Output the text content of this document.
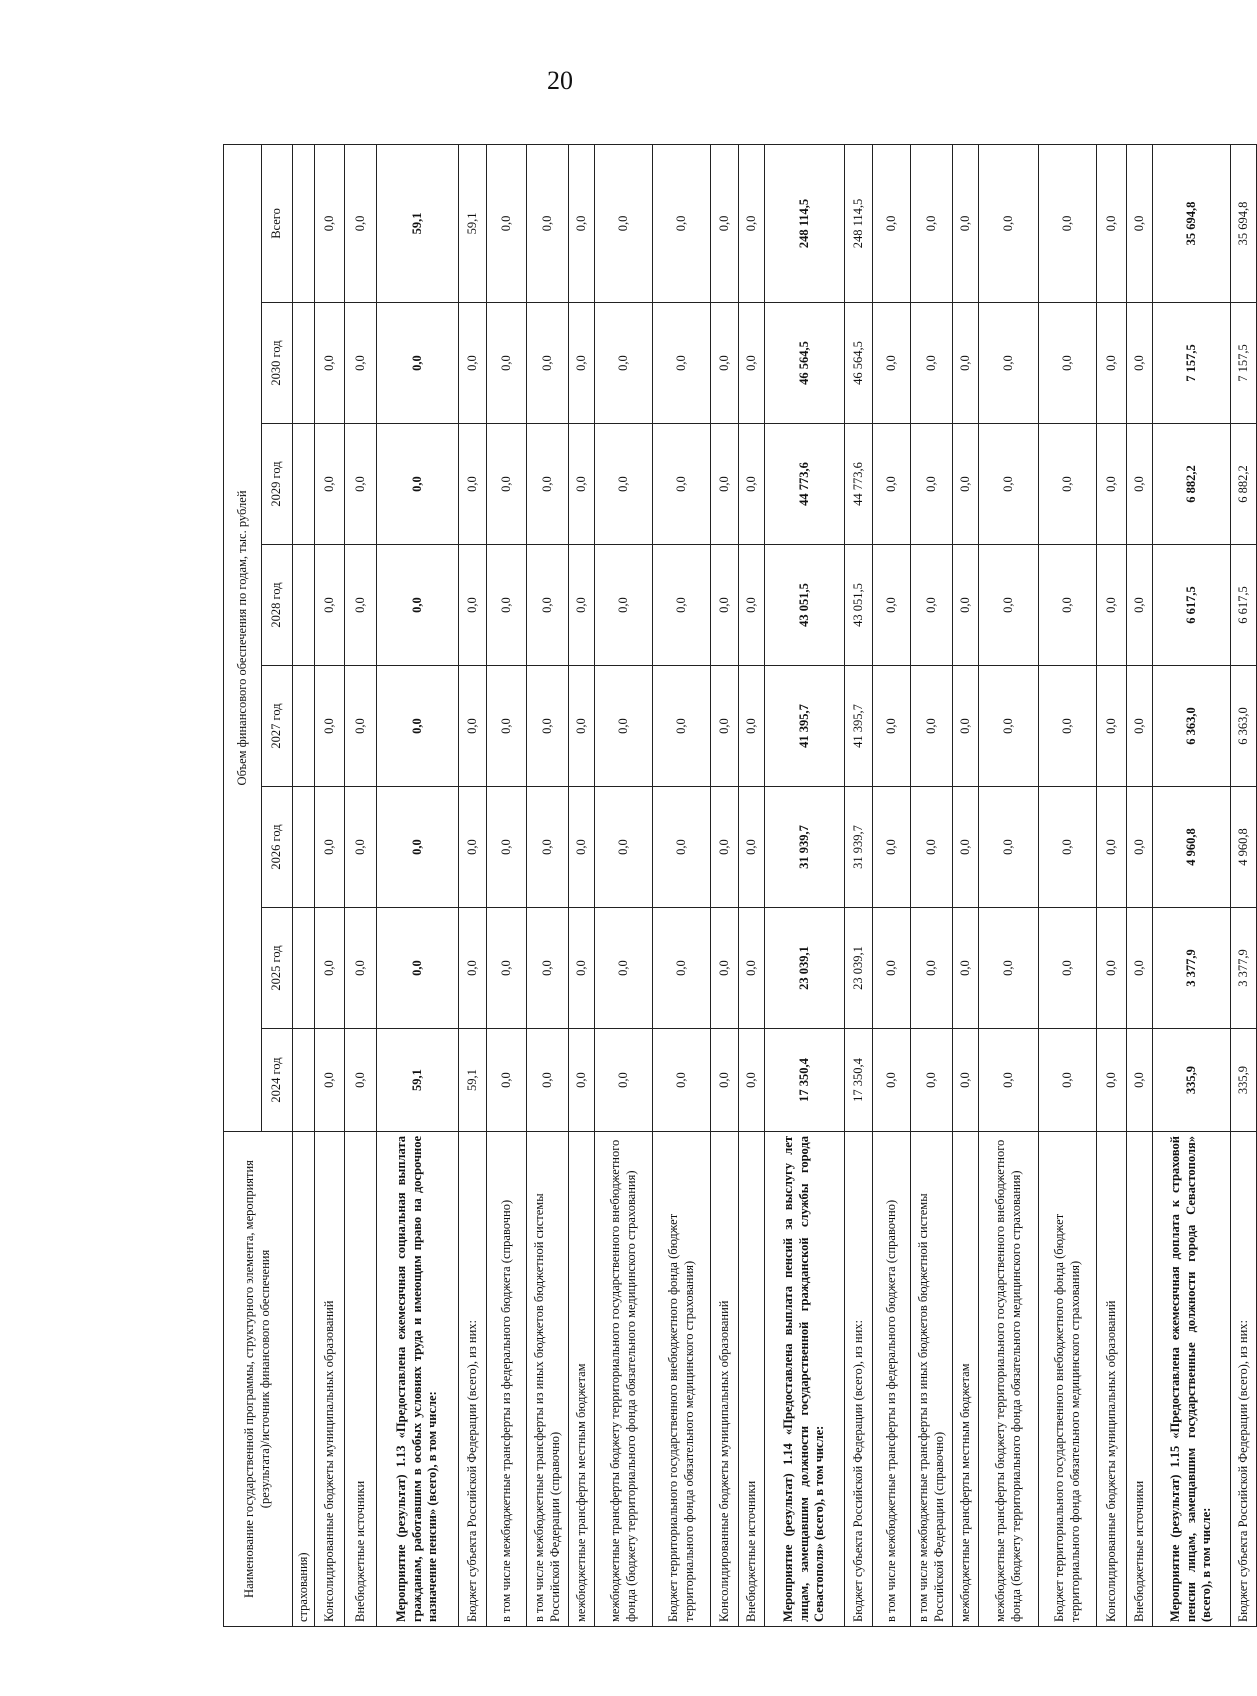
20
Наименование государственной программы, структурного элемента, мероприятия (результата)/источник финансового обеспечения	Объем финансового обеспечения по годам, тыс. рублей							
	2024 год	2025 год	2026 год	2027 год	2028 год	2029 год	2030 год	Всего
страхования)								
Консолидированные бюджеты муниципальных образований	0,0	0,0	0,0	0,0	0,0	0,0	0,0	0,0
Внебюджетные источники	0,0	0,0	0,0	0,0	0,0	0,0	0,0	0,0
Мероприятие (результат) 1.13 «Предоставлена ежемесячная социальная выплата гражданам, работавшим в особых условиях труда и имеющим право на досрочное назначение пенсии» (всего), в том числе:	59,1	0,0	0,0	0,0	0,0	0,0	0,0	59,1
Бюджет субъекта Российской Федерации (всего), из них:	59,1	0,0	0,0	0,0	0,0	0,0	0,0	59,1
в том числе межбюджетные трансферты из федерального бюджета (справочно)	0,0	0,0	0,0	0,0	0,0	0,0	0,0	0,0
в том числе межбюджетные трансферты из иных бюджетов бюджетной системы Российской Федерации (справочно)	0,0	0,0	0,0	0,0	0,0	0,0	0,0	0,0
межбюджетные трансферты местным бюджетам	0,0	0,0	0,0	0,0	0,0	0,0	0,0	0,0
межбюджетные трансферты бюджету территориального государственного внебюджетного фонда (бюджету территориального фонда обязательного медицинского страхования)	0,0	0,0	0,0	0,0	0,0	0,0	0,0	0,0
Бюджет территориального государственного внебюджетного фонда (бюджет территориального фонда обязательного медицинского страхования)	0,0	0,0	0,0	0,0	0,0	0,0	0,0	0,0
Консолидированные бюджеты муниципальных образований	0,0	0,0	0,0	0,0	0,0	0,0	0,0	0,0
Внебюджетные источники	0,0	0,0	0,0	0,0	0,0	0,0	0,0	0,0
Мероприятие (результат) 1.14 «Предоставлена выплата пенсий за выслугу лет лицам, замещавшим должности государственной гражданской службы города Севастополя» (всего), в том числе:	17 350,4	23 039,1	31 939,7	41 395,7	43 051,5	44 773,6	46 564,5	248 114,5
Бюджет субъекта Российской Федерации (всего), из них:	17 350,4	23 039,1	31 939,7	41 395,7	43 051,5	44 773,6	46 564,5	248 114,5
в том числе межбюджетные трансферты из федерального бюджета (справочно)	0,0	0,0	0,0	0,0	0,0	0,0	0,0	0,0
в том числе межбюджетные трансферты из иных бюджетов бюджетной системы Российской Федерации (справочно)	0,0	0,0	0,0	0,0	0,0	0,0	0,0	0,0
межбюджетные трансферты местным бюджетам	0,0	0,0	0,0	0,0	0,0	0,0	0,0	0,0
межбюджетные трансферты бюджету территориального государственного внебюджетного фонда (бюджету территориального фонда обязательного медицинского страхования)	0,0	0,0	0,0	0,0	0,0	0,0	0,0	0,0
Бюджет территориального государственного внебюджетного фонда (бюджет территориального фонда обязательного медицинского страхования)	0,0	0,0	0,0	0,0	0,0	0,0	0,0	0,0
Консолидированные бюджеты муниципальных образований	0,0	0,0	0,0	0,0	0,0	0,0	0,0	0,0
Внебюджетные источники	0,0	0,0	0,0	0,0	0,0	0,0	0,0	0,0
Мероприятие (результат) 1.15 «Предоставлена ежемесячная доплата к страховой пенсии лицам, замещавшим государственные должности города Севастополя» (всего), в том числе:	335,9	3 377,9	4 960,8	6 363,0	6 617,5	6 882,2	7 157,5	35 694,8
Бюджет субъекта Российской Федерации (всего), из них:	335,9	3 377,9	4 960,8	6 363,0	6 617,5	6 882,2	7 157,5	35 694,8
